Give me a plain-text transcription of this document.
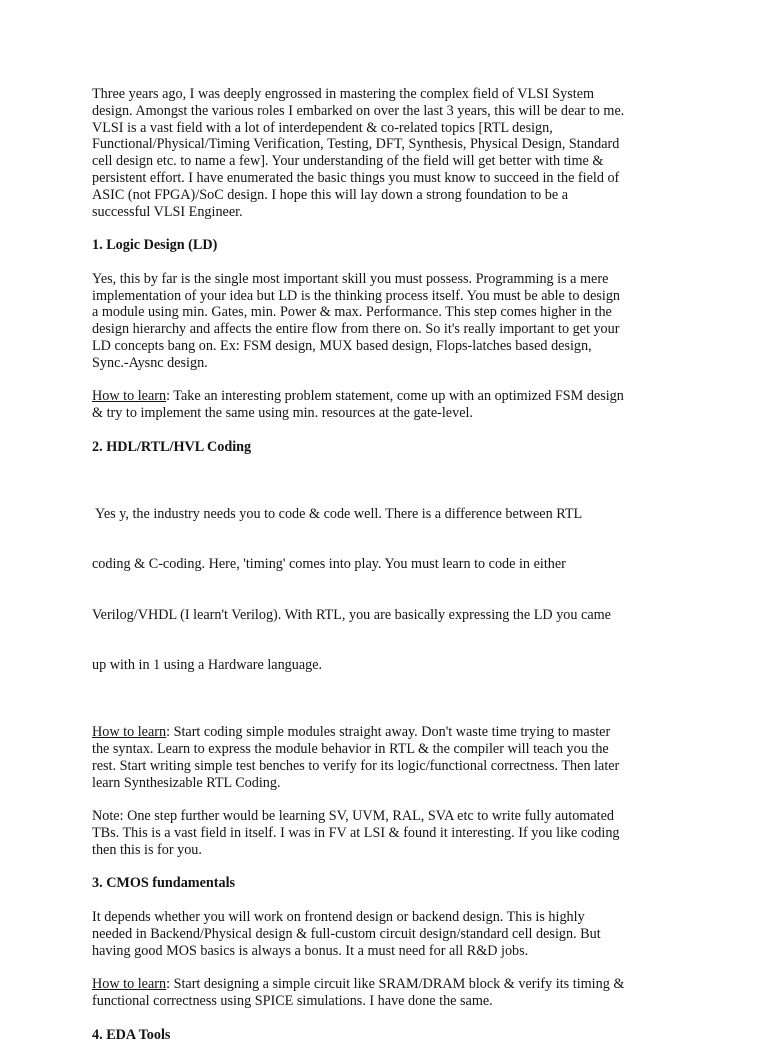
Three years ago, I was deeply engrossed in mastering the complex field of VLSI System
design. Amongst the various roles I embarked on over the last 3 years, this will be dear to me.
VLSI is a vast field with a lot of interdependent & co-related topics [RTL design,
Functional/Physical/Timing Verification, Testing, DFT, Synthesis, Physical Design, Standard
cell design etc. to name a few]. Your understanding of the field will get better with time &
persistent effort. I have enumerated the basic things you must know to succeed in the field of
ASIC (not FPGA)/SoC design. I hope this will lay down a strong foundation to be a
successful VLSI Engineer.

1. Logic Design (LD)

Yes, this by far is the single most important skill you must possess. Programming is a mere
implementation of your idea but LD is the thinking process itself. You must be able to design
a module using min. Gates, min. Power & max. Performance. This step comes higher in the
design hierarchy and affects the entire flow from there on. So it's really important to get your
LD concepts bang on. Ex: FSM design, MUX based design, Flops-latches based design,
Sync.-Aysnc design.

How to learn: Take an interesting problem statement, come up with an optimized FSM design
& try to implement the same using min. resources at the gate-level.

2. HDL/RTL/HVL Coding

Yes y, the industry needs you to code & code well. There is a difference between RTL

coding & C-coding. Here, 'timing' comes into play. You must learn to code in either

Verilog/VHDL (I learn't Verilog). With RTL, you are basically expressing the LD you came

up with in 1 using a Hardware language.

How to learn: Start coding simple modules straight away. Don't waste time trying to master
the syntax. Learn to express the module behavior in RTL & the compiler will teach you the
rest. Start writing simple test benches to verify for its logic/functional correctness. Then later
learn Synthesizable RTL Coding.

Note: One step further would be learning SV, UVM, RAL, SVA etc to write fully automated
TBs. This is a vast field in itself. I was in FV at LSI & found it interesting. If you like coding
then this is for you.

3. CMOS fundamentals

It depends whether you will work on frontend design or backend design. This is highly
needed in Backend/Physical design & full-custom circuit design/standard cell design. But
having good MOS basics is always a bonus. It a must need for all R&D jobs.

How to learn: Start designing a simple circuit like SRAM/DRAM block & verify its timing &
functional correctness using SPICE simulations. I have done the same.

4. EDA Tools
